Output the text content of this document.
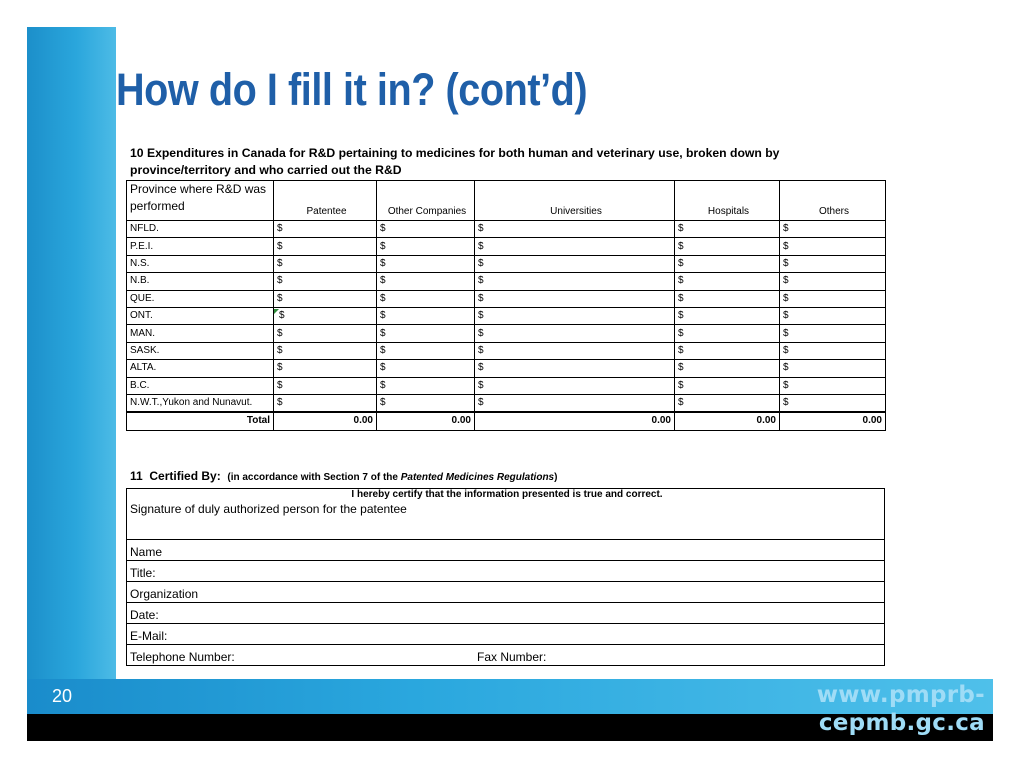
20	www.pmprb-cepmb.gc.ca
How do I fill it in? (cont’d)
10 Expenditures in Canada for R&D pertaining to medicines for both human and veterinary use, broken down by province/territory and who carried out the R&D
Province where R&D was performed	Patentee	Other Companies	Universities	Hospitals	Others
NFLD.	$	$	$	$	$
P.E.I.	$	$	$	$	$
N.S.	$	$	$	$	$
N.B.	$	$	$	$	$
QUE.	$	$	$	$	$
ONT.	$	$	$	$	$
MAN.	$	$	$	$	$
SASK.	$	$	$	$	$
ALTA.	$	$	$	$	$
B.C.	$	$	$	$	$
N.W.T.,Yukon and Nunavut.	$	$	$	$	$
Total	0.00	0.00	0.00	0.00	0.00
11 Certified By: (in accordance with Section 7 of the Patented Medicines Regulations)
I hereby certify that the information presented is true and correct.
Signature of duly authorized person for the patentee
Name
Title:
Organization
Date:
E-Mail:
Telephone Number:	Fax Number:
